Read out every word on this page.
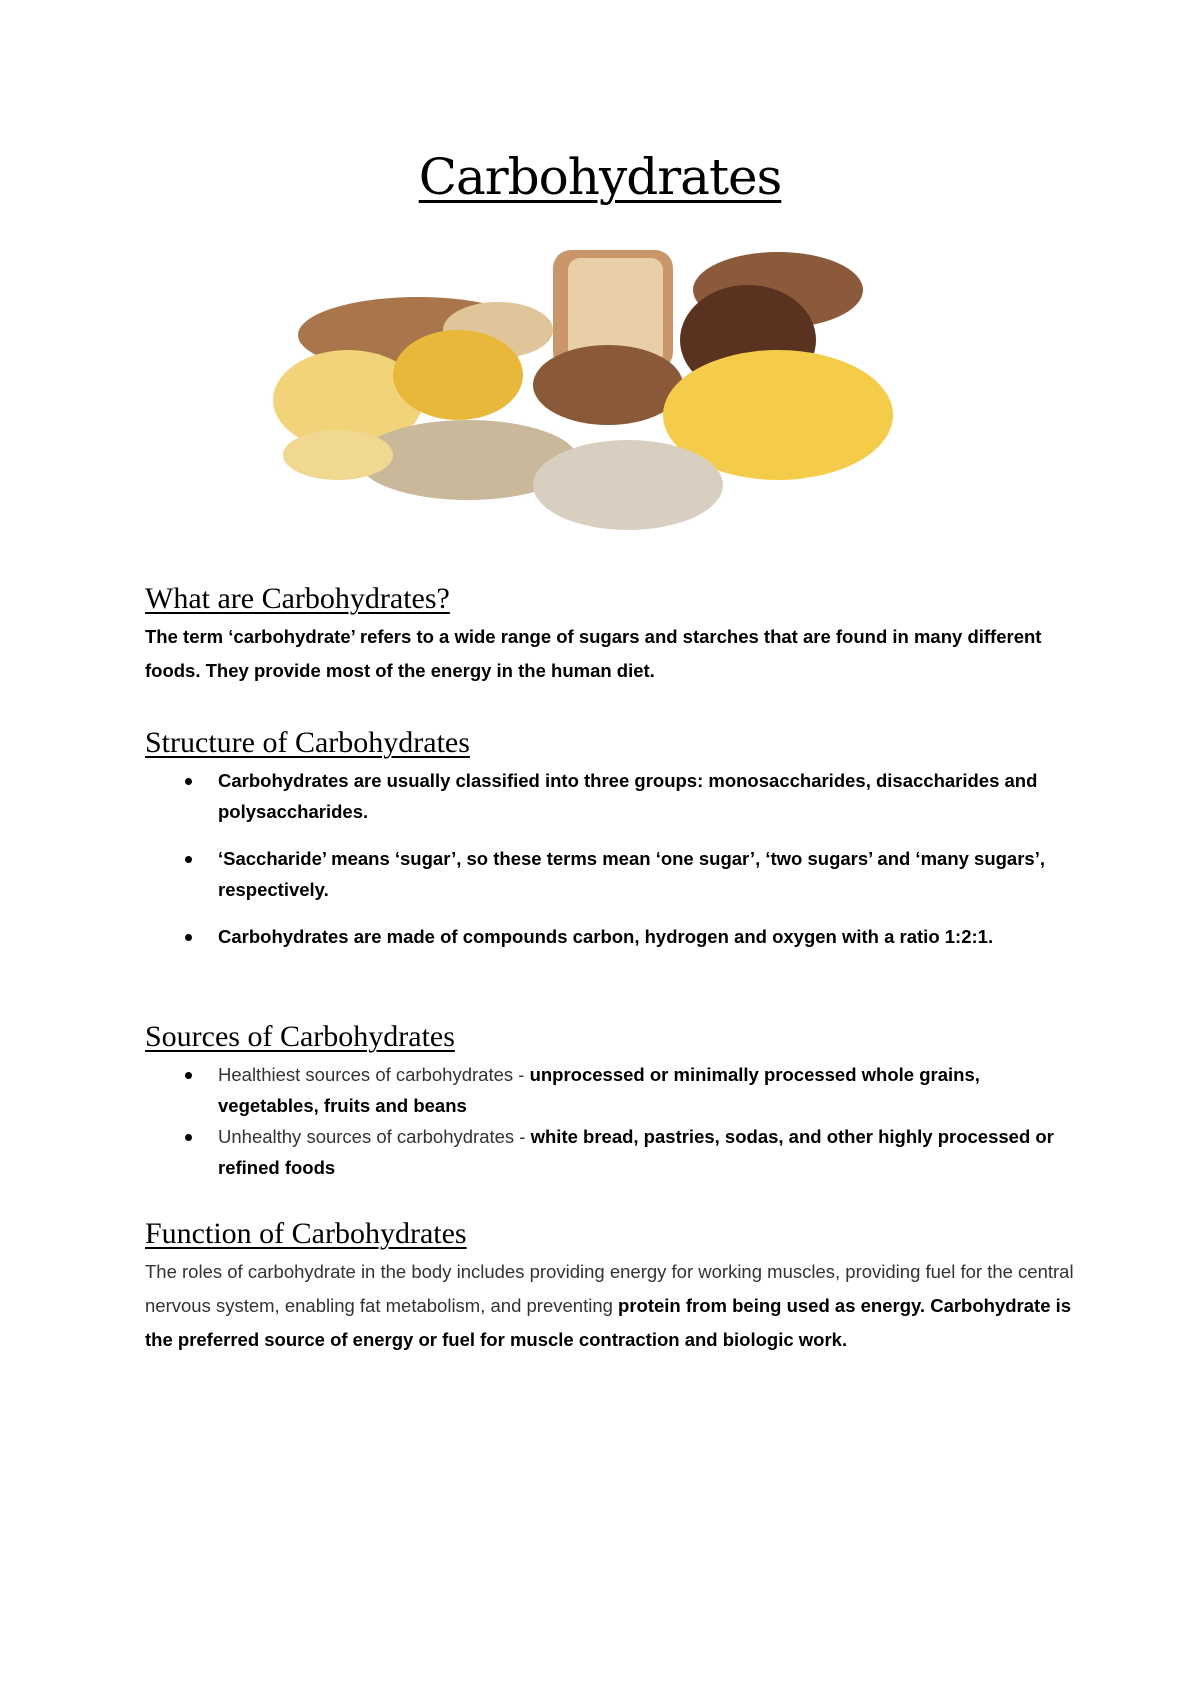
Carbohydrates
What are Carbohydrates?

The term ‘carbohydrate’ refers to a wide range of sugars and starches that are found in many different foods. They provide most of the energy in the human diet.

Structure of Carbohydrates
Carbohydrates are usually classified into three groups: monosaccharides, disaccharides and polysaccharides.
‘Saccharide’ means ‘sugar’, so these terms mean ‘one sugar’, ‘two sugars’ and ‘many sugars’, respectively.
Carbohydrates are made of compounds carbon, hydrogen and oxygen with a ratio 1:2:1.
Sources of Carbohydrates
Healthiest sources of carbohydrates - unprocessed or minimally processed whole grains, vegetables, fruits and beans
Unhealthy sources of carbohydrates - white bread, pastries, sodas, and other highly processed or refined foods
Function of Carbohydrates

The roles of carbohydrate in the body includes providing energy for working muscles, providing fuel for the central nervous system, enabling fat metabolism, and preventing protein from being used as energy. Carbohydrate is the preferred source of energy or fuel for muscle contraction and biologic work.
